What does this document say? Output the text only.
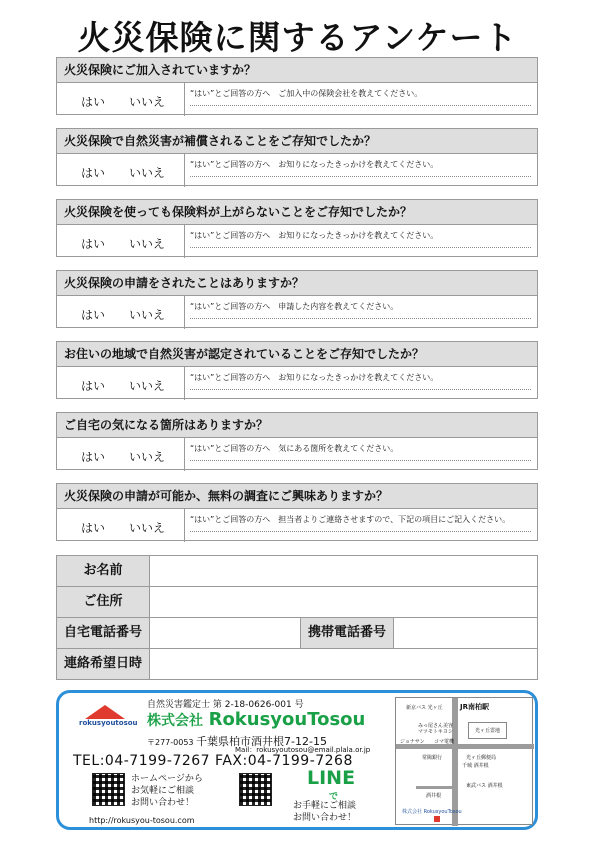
火災保険に関するアンケート
火災保険にご加入されていますか？
はい いいえ
“はい”とご回答の方へ　ご加入中の保険会社を教えてください。
火災保険で自然災害が補償されることをご存知でしたか？
はい いいえ
“はい”とご回答の方へ　お知りになったきっかけを教えてください。
火災保険を使っても保険料が上がらないことをご存知でしたか？
はい いいえ
“はい”とご回答の方へ　お知りになったきっかけを教えてください。
火災保険の申請をされたことはありますか？
はい いいえ
“はい”とご回答の方へ　申請した内容を教えてください。
お住いの地域で自然災害が認定されていることをご存知でしたか？
はい いいえ
“はい”とご回答の方へ　お知りになったきっかけを教えてください。
ご自宅の気になる箇所はありますか？
はい いいえ
“はい”とご回答の方へ　気にある箇所を教えてください。
火災保険の申請が可能か、無料の調査にご興味ありますか？
はい いいえ
“はい”とご回答の方へ　担当者よりご連絡させますので、下記の項目にご記入ください。
お名前
ご住所
自宅電話番号	携帯電話番号
連絡希望日時
rokusyoutosou
自然災害鑑定士 第 2-18-0626-001 号
株式会社 RokusyouTosou
〒277-0053 千葉県柏市酒井根7-12-15
Mail：rokusyoutosou@email.plala.or.jp
TEL:04-7199-7267 FAX:04-7199-7268
ホームページから
お気軽にご相談
お問い合わせ！
http://rokusyou-tosou.com
LINE
で
お手軽にご相談
お問い合わせ！
JR南柏駅
新京バス 光ヶ丘
みっ尾さん美容
マツモトキヨシ	光ヶ丘霊地
ジョナサン コマ電機
常陽銀行	光ヶ丘郵便局
千城 酒井根
東武バス 酒井根
酒井根
株式会社 RokusyouTosou
